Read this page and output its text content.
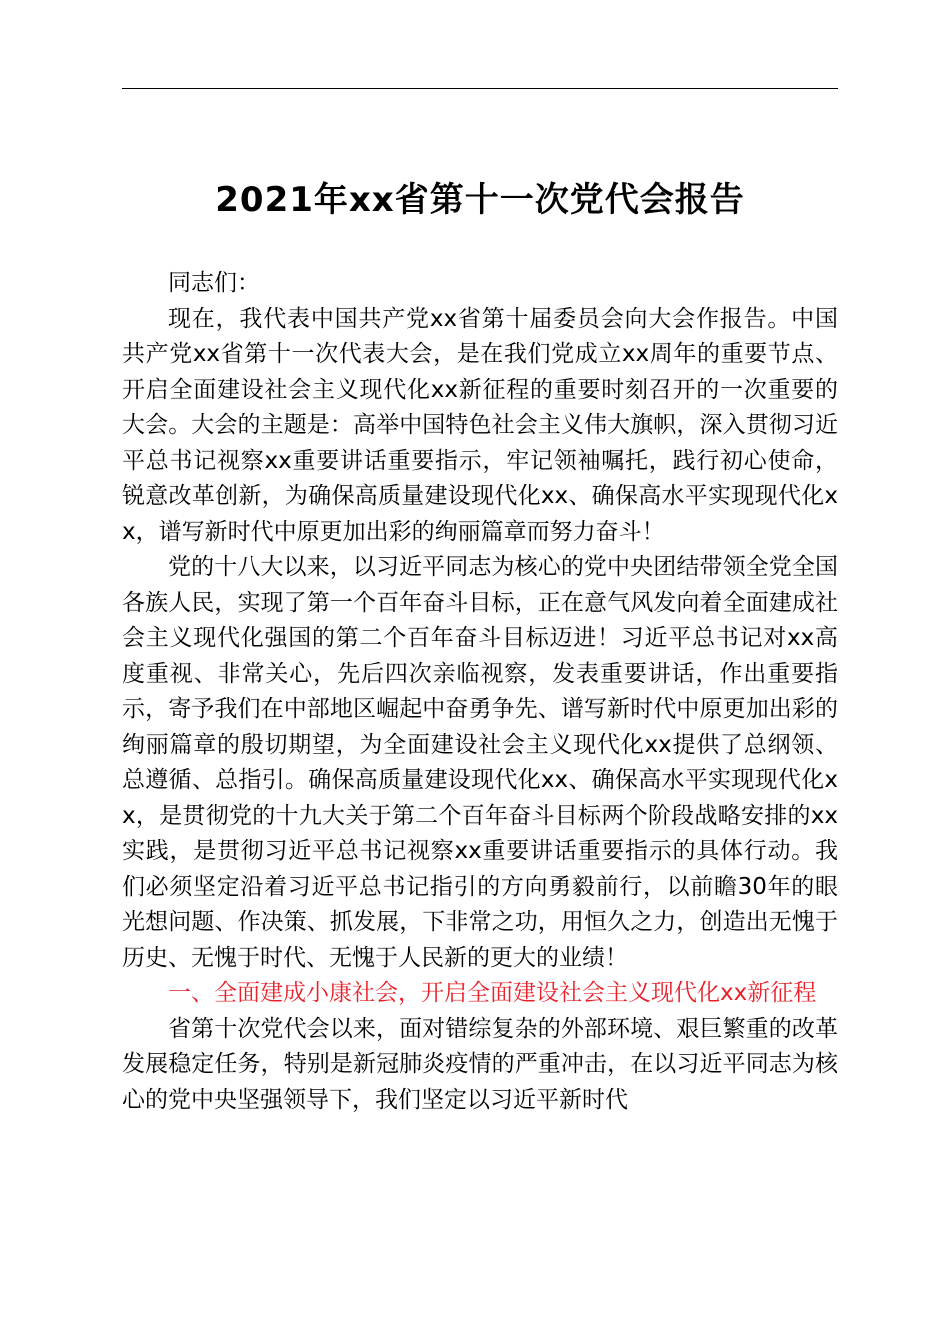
2021年xx省第十一次党代会报告

同志们：

现在，我代表中国共产党xx省第十届委员会向大会作报告。中国共产党xx省第十一次代表大会，是在我们党成立xx周年的重要节点、开启全面建设社会主义现代化xx新征程的重要时刻召开的一次重要的大会。大会的主题是：高举中国特色社会主义伟大旗帜，深入贯彻习近平总书记视察xx重要讲话重要指示，牢记领袖嘱托，践行初心使命，锐意改革创新，为确保高质量建设现代化xx、确保高水平实现现代化xx，谱写新时代中原更加出彩的绚丽篇章而努力奋斗！

党的十八大以来，以习近平同志为核心的党中央团结带领全党全国各族人民，实现了第一个百年奋斗目标，正在意气风发向着全面建成社会主义现代化强国的第二个百年奋斗目标迈进！习近平总书记对xx高度重视、非常关心，先后四次亲临视察，发表重要讲话，作出重要指示，寄予我们在中部地区崛起中奋勇争先、谱写新时代中原更加出彩的绚丽篇章的殷切期望，为全面建设社会主义现代化xx提供了总纲领、总遵循、总指引。确保高质量建设现代化xx、确保高水平实现现代化xx，是贯彻党的十九大关于第二个百年奋斗目标两个阶段战略安排的xx实践，是贯彻习近平总书记视察xx重要讲话重要指示的具体行动。我们必须坚定沿着习近平总书记指引的方向勇毅前行，以前瞻30年的眼光想问题、作决策、抓发展，下非常之功，用恒久之力，创造出无愧于历史、无愧于时代、无愧于人民新的更大的业绩！

一、全面建成小康社会，开启全面建设社会主义现代化xx新征程

省第十次党代会以来，面对错综复杂的外部环境、艰巨繁重的改革发展稳定任务，特别是新冠肺炎疫情的严重冲击，在以习近平同志为核心的党中央坚强领导下，我们坚定以习近平新时代
